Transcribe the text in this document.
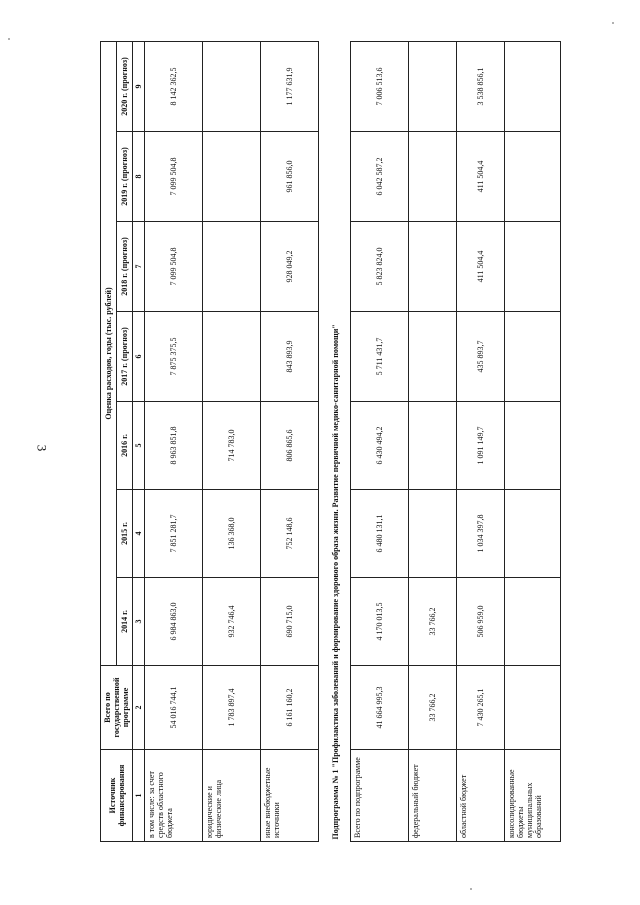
3
Источник финансирования	Всего по государственной программе	Оценка расходов, годы (тыс. рублей)						
		2014 г.	2015 г.	2016 г.	2017 г. (прогноз)	2018 г. (прогноз)	2019 г. (прогноз)	2020 г. (прогноз)
1	2	3	4	5	6	7	8	9
в том числе: за счет средств областного бюджета	54 016 744,1	6 984 863,0	7 851 281,7	8 963 851,8	7 875 375,5	7 099 504,8	7 099 504,8	8 142 362,5
юридические и физические лица	1 783 897,4	932 746,4	136 368,0	714 783,0				
иные внебюджетные источники	6 161 160,2	690 715,0	752 148,6	806 865,6	843 893,9	928 049,2	961 856,0	1 177 631,9
Подпрограмма № 1 "Профилактика заболеваний и формирование здорового образа жизни. Развитие первичной медико-санитарной помощи"								
Всего по подпрограмме	41 664 995,3	4 170 013,5	6 480 131,1	6 430 494,2	5 711 431,7	5 823 824,0	6 042 587,2	7 006 513,6
федеральный бюджет	33 766,2	33 766,2						
областной бюджет	7 430 265,1	506 959,0	1 034 397,8	1 091 149,7	435 893,7	411 504,4	411 504,4	3 538 856,1
консолидированные бюджеты муниципальных образований								
